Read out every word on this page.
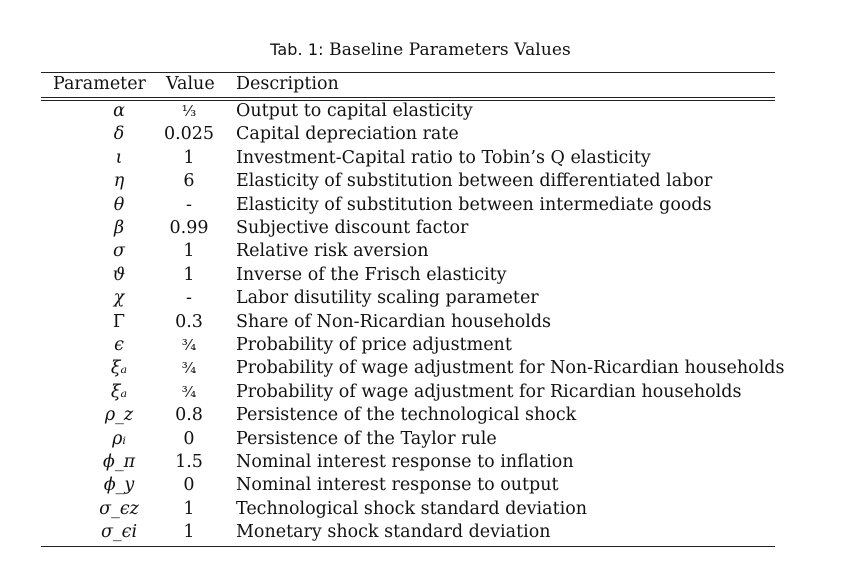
Tab. 1: Baseline Parameters Values
Parameter	Value	Description
α	¹⁄₃	Output to capital elasticity
δ	0.025 Capital depreciation rate
ι	1	Investment-Capital ratio to Tobin’s Q elasticity
η	6	Elasticity of substitution between differentiated labor
θ	-	Elasticity of substitution between intermediate goods
β	0.99	Subjective discount factor
σ	1	Relative risk aversion
ϑ	1	Inverse of the Frisch elasticity
χ	-	Labor disutility scaling parameter
Γ	0.3	Share of Non-Ricardian households
ϵ	³⁄₄	Probability of price adjustment
ξₐ	³⁄₄	Probability of wage adjustment for Non-Ricardian households
ξₐ	³⁄₄	Probability of wage adjustment for Ricardian households
ρ_z	0.8	Persistence of the technological shock
ρᵢ	0	Persistence of the Taylor rule
ϕ_π	1.5	Nominal interest response to inflation
ϕ_y	0	Nominal interest response to output
σ_ϵz	1	Technological shock standard deviation
σ_ϵi	1	Monetary shock standard deviation
